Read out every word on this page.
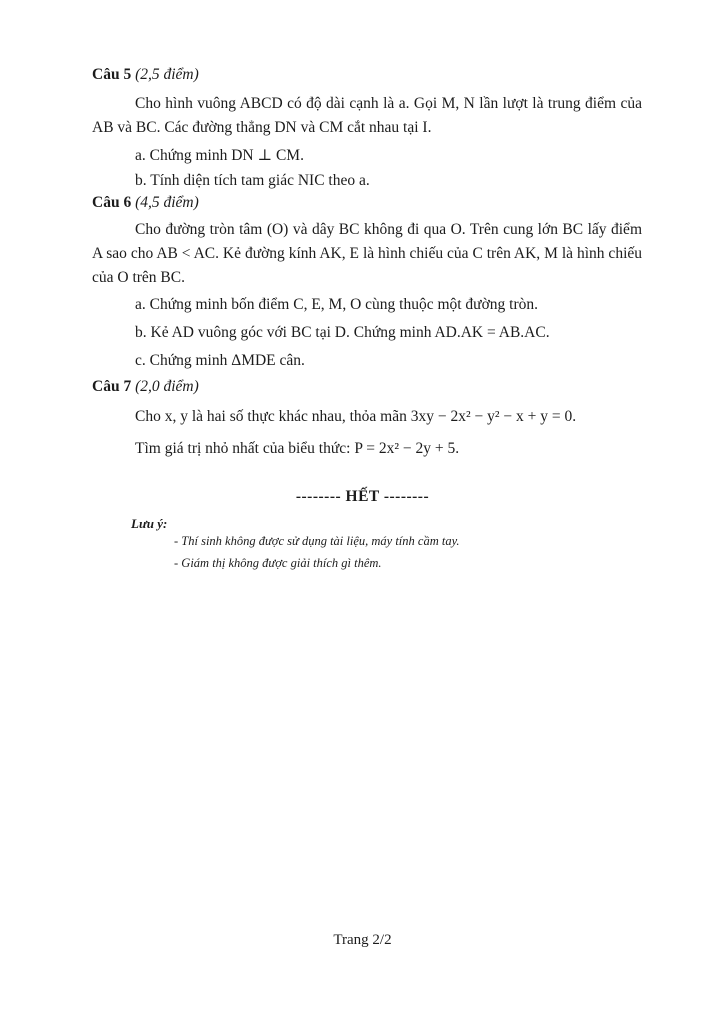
Câu 5 (2,5 điểm)
Cho hình vuông ABCD có độ dài cạnh là a. Gọi M, N lần lượt là trung điểm của AB và BC. Các đường thẳng DN và CM cắt nhau tại I.
a. Chứng minh DN ⊥ CM.
b. Tính diện tích tam giác NIC theo a.
Câu 6 (4,5 điểm)
Cho đường tròn tâm (O) và dây BC không đi qua O. Trên cung lớn BC lấy điểm A sao cho AB < AC. Kẻ đường kính AK, E là hình chiếu của C trên AK, M là hình chiếu của O trên BC.
a. Chứng minh bốn điểm C, E, M, O cùng thuộc một đường tròn.
b. Kẻ AD vuông góc với BC tại D. Chứng minh AD.AK = AB.AC.
c. Chứng minh ΔMDE cân.
Câu 7 (2,0 điểm)
Cho x, y là hai số thực khác nhau, thỏa mãn 3xy − 2x² − y² − x + y = 0.
Tìm giá trị nhỏ nhất của biểu thức: P = 2x² − 2y + 5.
-------- HẾT --------
Lưu ý:
- Thí sinh không được sử dụng tài liệu, máy tính cầm tay.
- Giám thị không được giải thích gì thêm.
Trang 2/2
